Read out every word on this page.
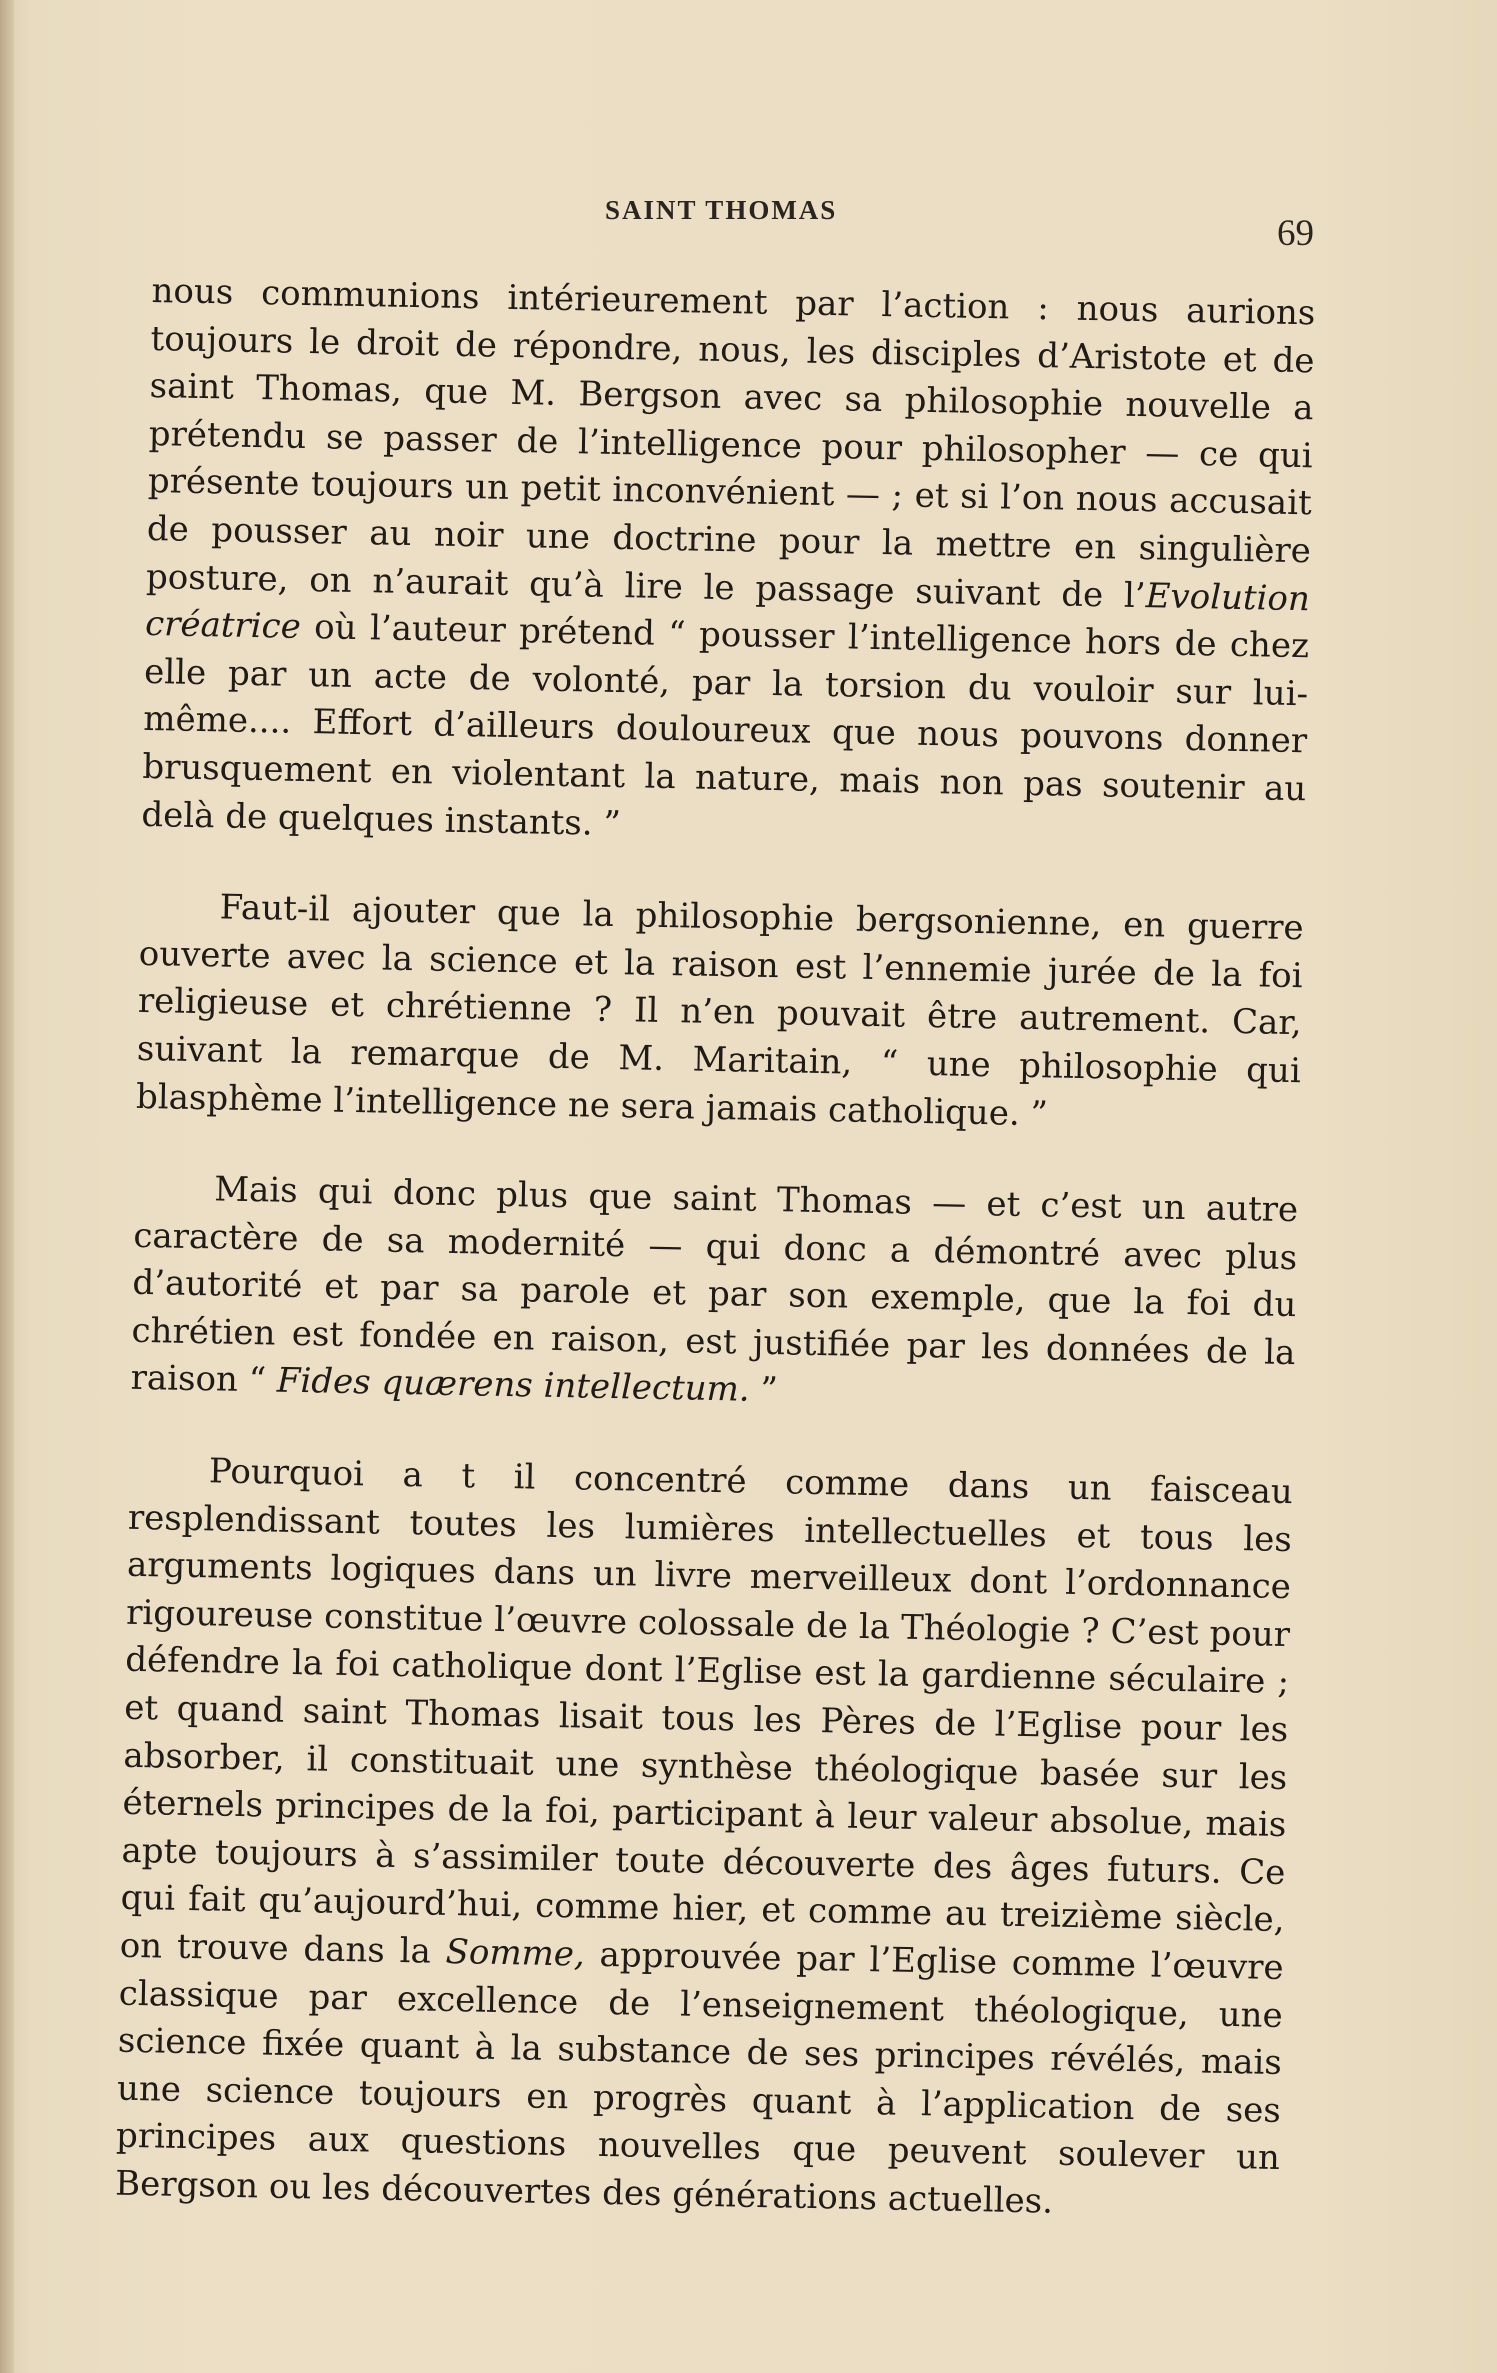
SAINT THOMAS

69

nous communions intérieurement par l’action : nous aurions toujours le droit de répondre, nous, les disciples d’Aristote et de saint Thomas, que M. Bergson avec sa philosophie nouvelle a prétendu se passer de l’intelligence pour philosopher — ce qui présente toujours un petit inconvénient — ; et si l’on nous accusait de pousser au noir une doctrine pour la mettre en singulière posture, on n’aurait qu’à lire le passage suivant de l’Evolution créatrice où l’auteur prétend “ pousser l’intelligence hors de chez elle par un acte de volonté, par la torsion du vouloir sur lui-même.... Effort d’ailleurs douloureux que nous pouvons donner brusquement en violentant la nature, mais non pas soutenir au delà de quelques instants. ”

Faut-il ajouter que la philosophie bergsonienne, en guerre ouverte avec la science et la raison est l’ennemie jurée de la foi religieuse et chrétienne ? Il n’en pouvait être autrement. Car, suivant la remarque de M. Maritain, “ une philosophie qui blasphème l’intelligence ne sera jamais catholique. ”

Mais qui donc plus que saint Thomas — et c’est un autre caractère de sa modernité — qui donc a démontré avec plus d’autorité et par sa parole et par son exemple, que la foi du chrétien est fondée en raison, est justifiée par les données de la raison “ Fides quærens intellectum. ”

Pourquoi a t il concentré comme dans un faisceau resplendissant toutes les lumières intellectuelles et tous les arguments logiques dans un livre merveilleux dont l’ordonnance rigoureuse constitue l’œuvre colossale de la Théologie ? C’est pour défendre la foi catholique dont l’Eglise est la gardienne séculaire ; et quand saint Thomas lisait tous les Pères de l’Eglise pour les absorber, il constituait une synthèse théologique basée sur les éternels principes de la foi, participant à leur valeur absolue, mais apte toujours à s’assimiler toute découverte des âges futurs. Ce qui fait qu’aujourd’hui, comme hier, et comme au treizième siècle, on trouve dans la Somme, approuvée par l’Eglise comme l’œuvre classique par excellence de l’enseignement théologique, une science fixée quant à la substance de ses principes révélés, mais une science toujours en progrès quant à l’application de ses principes aux questions nouvelles que peuvent soulever un Bergson ou les découvertes des générations actuelles.
